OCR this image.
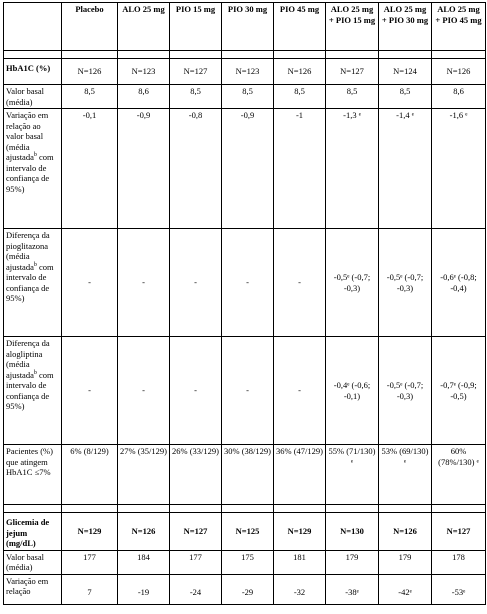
	Placebo	ALO 25 mg	PIO 15 mg	PIO 30 mg	PIO 45 mg	ALO 25 mg + PIO 15 mg	ALO 25 mg + PIO 30 mg	ALO 25 mg + PIO 45 mg

HbA1C (%)	N=126	N=123	N=127	N=123	N=126	N=127	N=124	N=126
Valor basal (média)	8,5	8,6	8,5	8,5	8,5	8,5	8,5	8,6
Variação em relação ao valor basal (média ajustada$^b$ com intervalo de confiança de 95%)	-0,1	-0,9	-0,8	-0,9	-1	-1,3 ᵉ	-1,4 ᵉ	-1,6 ᵉ
Diferença da pioglitazona (média ajustada$^b$ com intervalo de confiança de 95%)	-	-	-	-	-	-0,5ᵉ (-0,7; -0,3)	-0,5ᵉ (-0,7; -0,3)	-0,6ᵉ (-0,8; -0,4)
Diferença da alogliptina (média ajustada$^b$ com intervalo de confiança de 95%)	-	-	-	-	-	-0,4ᵉ (-0,6; -0,1)	-0,5ᵉ (-0,7; -0,3)	-0,7ᵉ (-0,9; -0,5)
Pacientes (%) que atingem HbA1C ≤7%	6% (8/129)	27% (35/129)	26% (33/129)	30% (38/129)	36% (47/129)	55% (71/130) ᵉ	53% (69/130) ᵉ	60% (78%/130) ᵉ

Glicemia de jejum (mg/dL)	N=129	N=126	N=127	N=125	N=129	N=130	N=126	N=127
Valor basal (média)	177	184	177	175	181	179	179	178
Variação em relação	7	-19	-24	-29	-32	-38ᵉ	-42ᵉ	-53ᵉ
